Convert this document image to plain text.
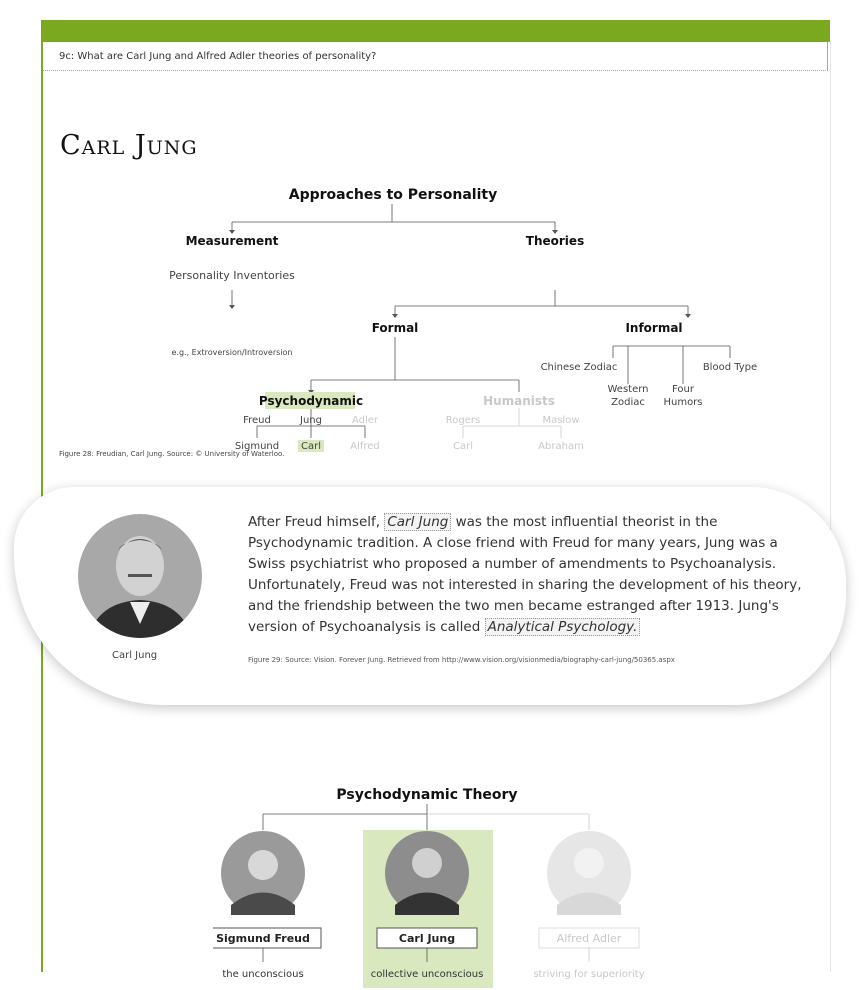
9c: What are Carl Jung and Alfred Adler theories of personality?
Carl Jung
Approaches to Personality
Measurement	Theories
Personality Inventories
e.g., Extroversion/Introversion
Formal	Informal
Chinese Zodiac
Western
Zodiac
Four
Humors
Blood Type
Psychodynamic	Humanists
Sigmund Carl	Alfred	Carl	Abraham
Freud	Jung	Adler	Rogers	Maslow
Figure 28: Freudian, Carl Jung. Source: © University of Waterloo.
Psychodynamic Theory
Sigmund Freud	Carl Jung	Alfred Adler
the unconscious	collective unconscious	striving for superiority
Carl Jung
After Freud himself, Carl Jung was the most influential theorist in the Psychodynamic tradition. A close friend with Freud for many years, Jung was a Swiss psychiatrist who proposed a number of amendments to Psychoanalysis. Unfortunately, Freud was not interested in sharing the development of his theory, and the friendship between the two men became estranged after 1913. Jung's version of Psychoanalysis is called Analytical Psychology.
Figure 29: Source: Vision. Forever Jung. Retrieved from http://www.vision.org/visionmedia/biography-carl-jung/50365.aspx
